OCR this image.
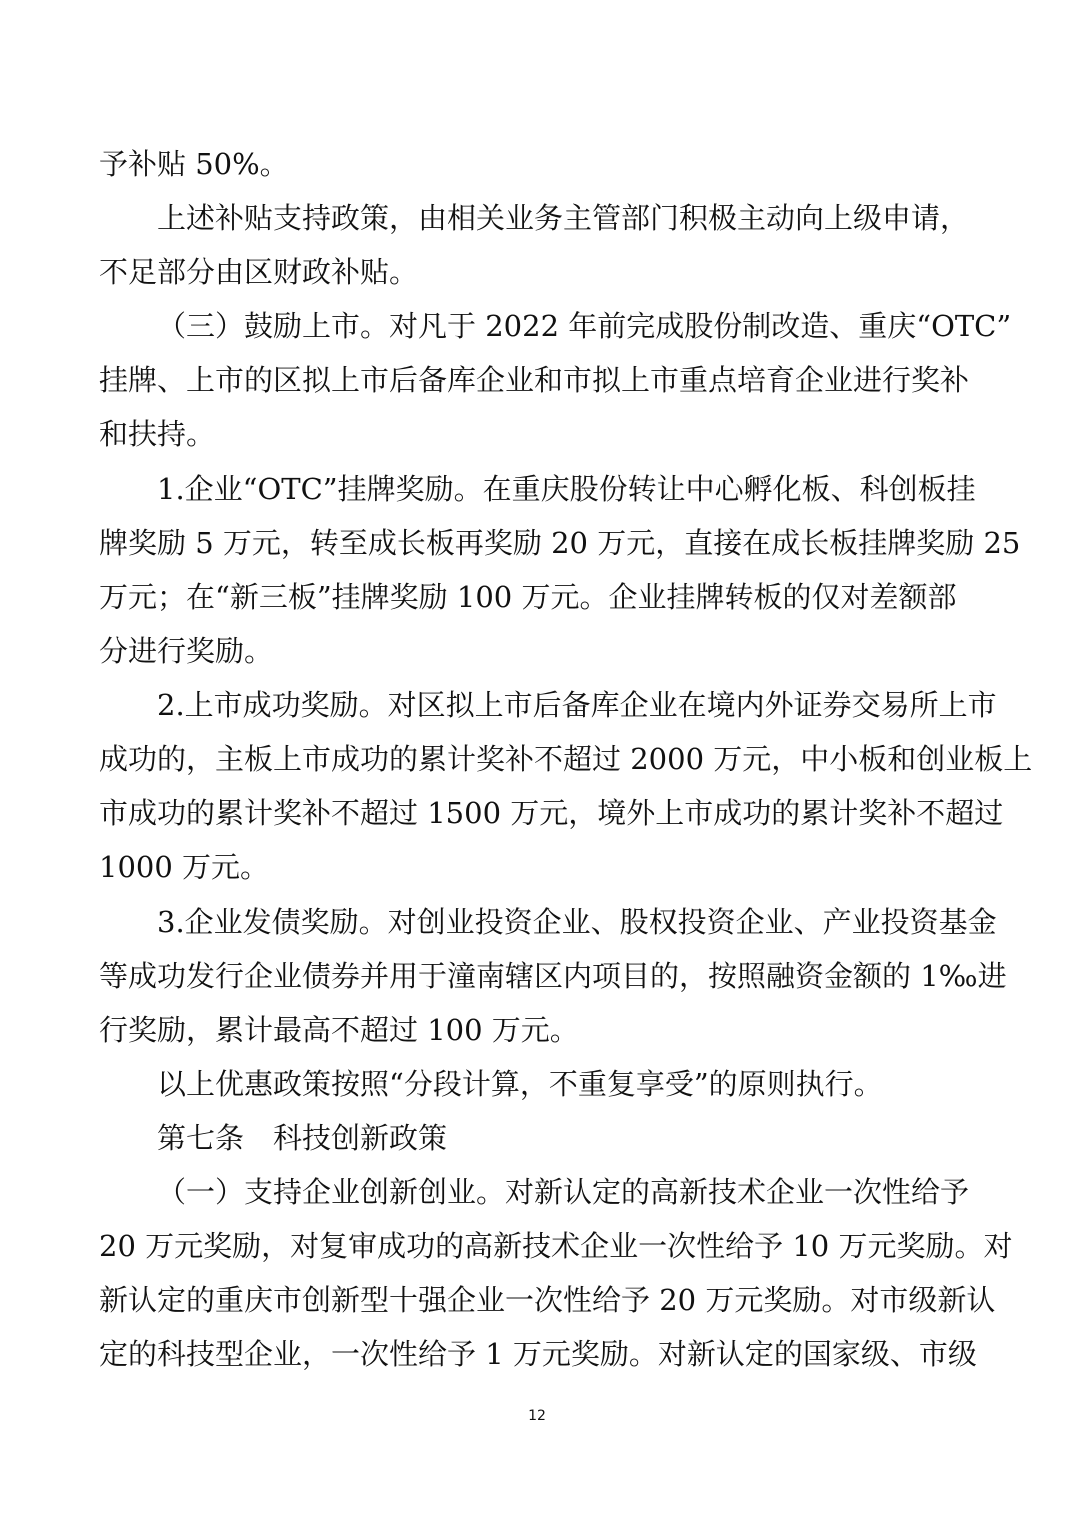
予补贴 50%。
上述补贴支持政策，由相关业务主管部门积极主动向上级申请，
不足部分由区财政补贴。
（三）鼓励上市。对凡于 2022 年前完成股份制改造、重庆“OTC”
挂牌、上市的区拟上市后备库企业和市拟上市重点培育企业进行奖补
和扶持。
1.企业“OTC”挂牌奖励。在重庆股份转让中心孵化板、科创板挂
牌奖励 5 万元，转至成长板再奖励 20 万元，直接在成长板挂牌奖励 25
万元；在“新三板”挂牌奖励 100 万元。企业挂牌转板的仅对差额部
分进行奖励。
2.上市成功奖励。对区拟上市后备库企业在境内外证券交易所上市
成功的，主板上市成功的累计奖补不超过 2000 万元，中小板和创业板上
市成功的累计奖补不超过 1500 万元，境外上市成功的累计奖补不超过
1000 万元。
3.企业发债奖励。对创业投资企业、股权投资企业、产业投资基金
等成功发行企业债券并用于潼南辖区内项目的，按照融资金额的 1‰进
行奖励，累计最高不超过 100 万元。
以上优惠政策按照“分段计算，不重复享受”的原则执行。
第七条　科技创新政策
（一）支持企业创新创业。对新认定的高新技术企业一次性给予
20 万元奖励，对复审成功的高新技术企业一次性给予 10 万元奖励。对
新认定的重庆市创新型十强企业一次性给予 20 万元奖励。对市级新认
定的科技型企业，一次性给予 1 万元奖励。对新认定的国家级、市级
12
